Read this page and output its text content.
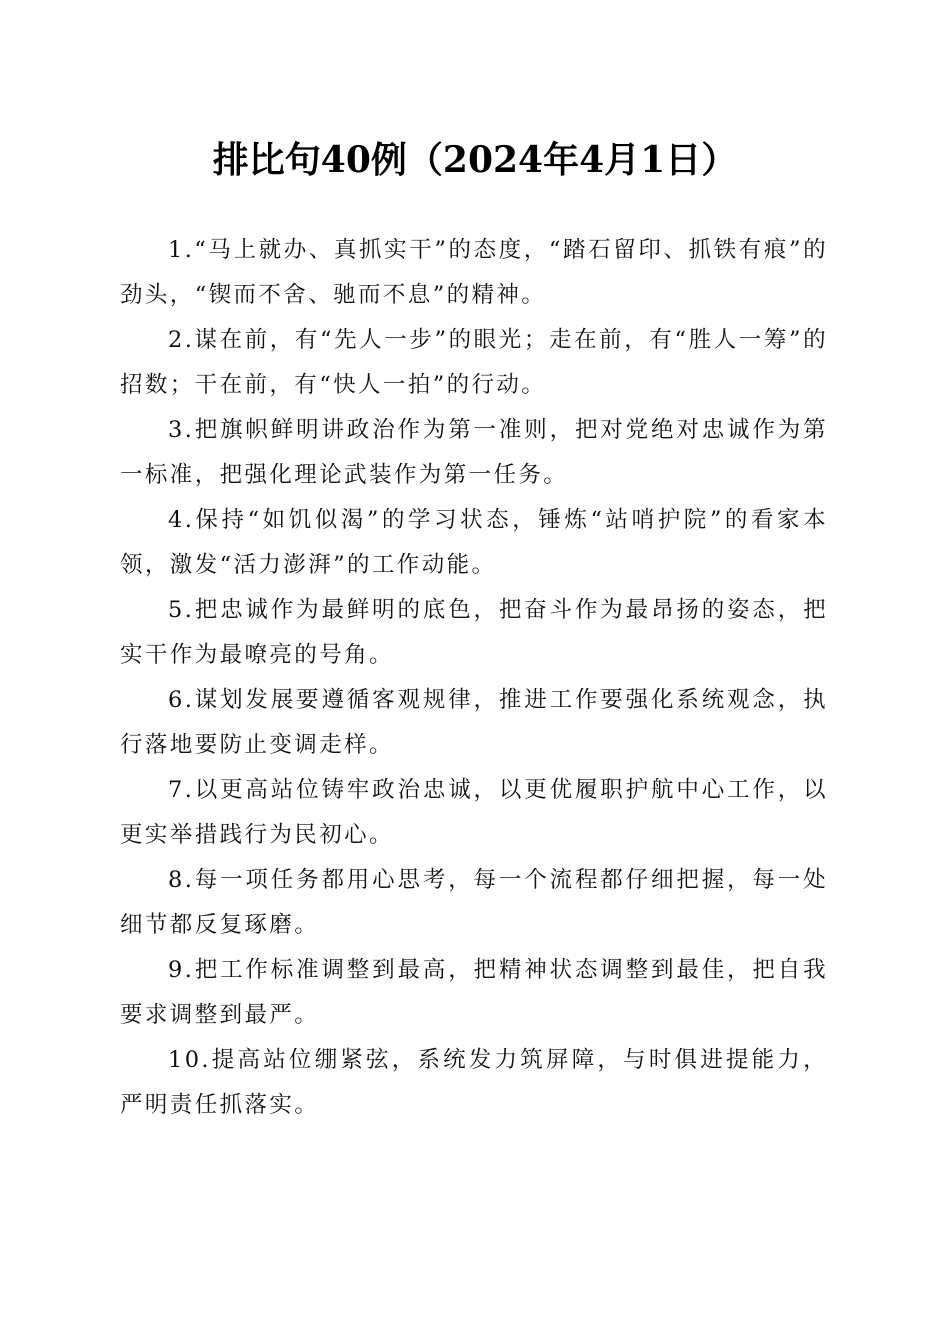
排比句40例（2024年4月1日）

1.“马上就办、真抓实干”的态度，“踏石留印、抓铁有痕”的劲头，“锲而不舍、驰而不息”的精神。

2.谋在前，有“先人一步”的眼光；走在前，有“胜人一筹”的招数；干在前，有“快人一拍”的行动。

3.把旗帜鲜明讲政治作为第一准则，把对党绝对忠诚作为第一标准，把强化理论武装作为第一任务。

4.保持“如饥似渴”的学习状态，锤炼“站哨护院”的看家本领，激发“活力澎湃”的工作动能。

5.把忠诚作为最鲜明的底色，把奋斗作为最昂扬的姿态，把实干作为最嘹亮的号角。

6.谋划发展要遵循客观规律，推进工作要强化系统观念，执行落地要防止变调走样。

7.以更高站位铸牢政治忠诚，以更优履职护航中心工作，以更实举措践行为民初心。

8.每一项任务都用心思考，每一个流程都仔细把握，每一处细节都反复琢磨。

9.把工作标准调整到最高，把精神状态调整到最佳，把自我要求调整到最严。

10.提高站位绷紧弦，系统发力筑屏障，与时俱进提能力，严明责任抓落实。
